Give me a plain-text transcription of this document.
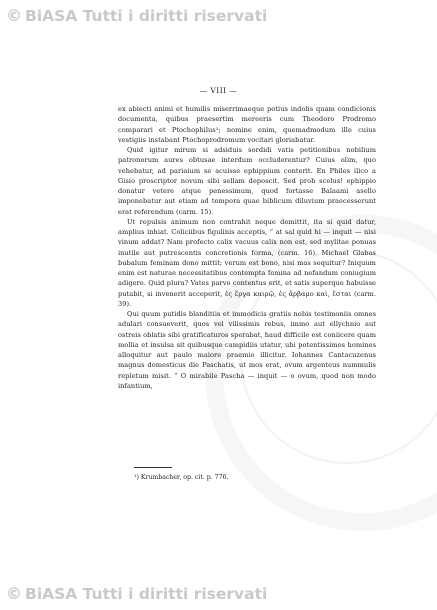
© BiASA Tutti i diritti riservati
— VIII —

ex abiecti animi et humilis miserrimaeque potius indolis quam condicionis documenta, quibus praesertim mereeris cum Theodoro Prodromo comparari et Ptochophilus¹; nomine enim, quemadmodum ille cuius vestigiis instabant Ptochoprodromum vocitari gloriabatur.

Quid igitur mirum si adsiduis sordidi vatis petitionibus nobilium patronorum aures obtusae interdum occluderentur? Cuius olim, quo vehebatur, ad pariaium se acuisse ephippium conterit. En Philes ilico a Gisio proscriptor novum sibi sellam deposcit. Sed proh scelus! ephippio donatur vetere atque penessimum, quod fortasse Balaami asello imponebatur aut etiam ad tempora quae biblicum diluvium praecesserunt erat referendum (carm. 15).

Ut repulsis animum non contrahit neque demittit, ita si quid datur, amplius inhiat. Coliciibus figulinis acceptis, “ at sal quid hi — inquit — nisi vinum addat? Nam profecto calix vacuus calix non est, sed mylitae ponuas inutile aut putrescentis concretionis forma, (carm. 16). Michael Glabas bubalum feminam dono mittit; verum est bono, nisi mas sequitur? Iniquum enim est naturae necessitatibus contempta femina ad nefandum coniugium adigere. Quid plura? Vates parvo contentus erit, et satis superque habuisse putabit, si invenerit acceperit, ἐς ἔργα καιρῷ, ἐς ἄρβαμο καὶ, ἔσται (carm. 39).

Qui quum putidis blanditiis et immodicis gratiis nobis testimoniis omnes adulari consueverit, quos vel vilissimis rebus, immo aut ellychnio aut ostreis oblatis sibi gratificaturos sperabat, haud difficile est coniicere quam mollia et insulsa sit quibusque campidiis utatur, ubi potentissimos homines alloquitur aut paulo maiore praemio illicitur. Iohannes Cantacuzenus magnus domesticus die Paschatis, ut mos erat, ovum argenteus nummulis repletum misit. “ O mirabile Pascha — inquit — o ovum, quod non modo infantium,

¹) Krumbacher, op. cit. p. 776.
© BiASA Tutti i diritti riservati
